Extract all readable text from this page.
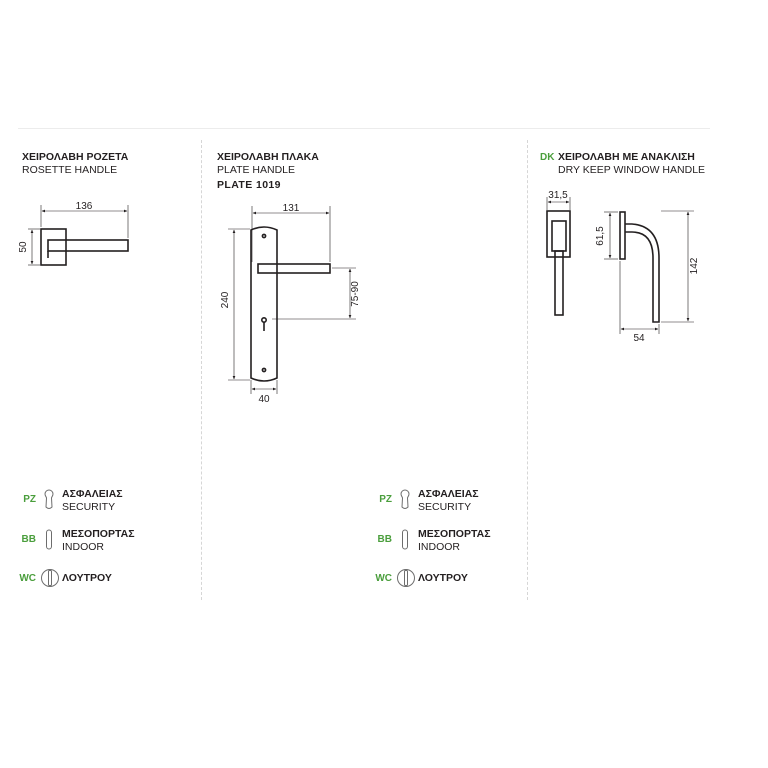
ΧΕΙΡΟΛΑΒΗ ΡΟΖΕΤΑ
ROSETTE HANDLE
ΧΕΙΡΟΛΑΒΗ ΠΛΑΚΑ
PLATE HANDLE
PLATE 1019
DK ΧΕΙΡΟΛΑΒΗ ΜΕ ΑΝΑΚΛΙΣΗ
DRY KEEP WINDOW HANDLE
136
50
131
240	75-90
40
31,5
61,5
142
54
PZ ΑΣΦΑΛΕΙΑΣ
SECURITY
BB ΜΕΣΟΠΟΡΤΑΣ
INDOOR
WC ΛΟΥΤΡΟΥ
PZ ΑΣΦΑΛΕΙΑΣ
SECURITY
BB ΜΕΣΟΠΟΡΤΑΣ
INDOOR
WC ΛΟΥΤΡΟΥ
